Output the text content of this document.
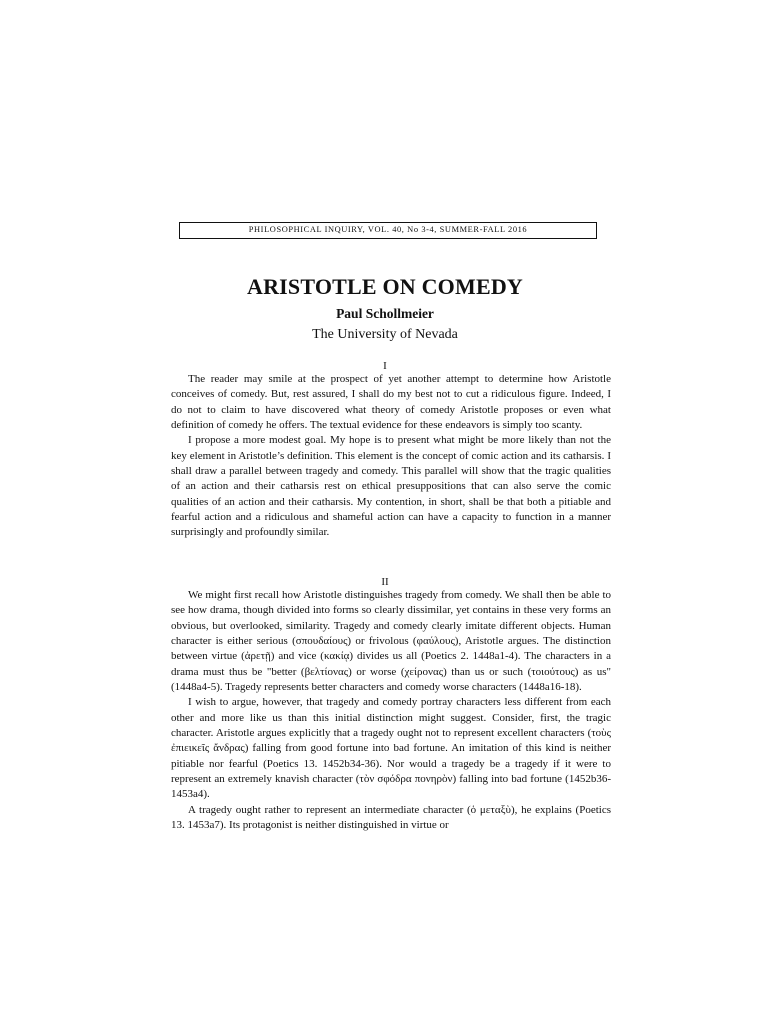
PHILOSOPHICAL INQUIRY, VOL. 40, No 3-4, SUMMER-FALL 2016
ARISTOTLE ON COMEDY
Paul Schollmeier
The University of Nevada
I

The reader may smile at the prospect of yet another attempt to determine how Aristotle conceives of comedy. But, rest assured, I shall do my best not to cut a ridiculous figure. Indeed, I do not to claim to have discovered what theory of comedy Aristotle proposes or even what definition of comedy he offers. The textual evidence for these endeavors is simply too scanty.

I propose a more modest goal. My hope is to present what might be more likely than not the key element in Aristotle’s definition. This element is the concept of comic action and its catharsis. I shall draw a parallel between tragedy and comedy. This parallel will show that the tragic qualities of an action and their catharsis rest on ethical presuppositions that can also serve the comic qualities of an action and their catharsis. My contention, in short, shall be that both a pitiable and fearful action and a ridiculous and shameful action can have a capacity to function in a manner surprisingly and profoundly similar.

II

We might first recall how Aristotle distinguishes tragedy from comedy. We shall then be able to see how drama, though divided into forms so clearly dissimilar, yet contains in these very forms an obvious, but overlooked, similarity. Tragedy and comedy clearly imitate different objects. Human character is either serious (σπουδαίους) or frivolous (φαύλους), Aristotle argues. The distinction between virtue (ἀρετῇ) and vice (κακίᾳ) divides us all (Poetics 2. 1448a1-4). The characters in a drama must thus be "better (βελτίονας) or worse (χείρονας) than us or such (τοιούτους) as us" (1448a4-5). Tragedy represents better characters and comedy worse characters (1448a16-18).

I wish to argue, however, that tragedy and comedy portray characters less different from each other and more like us than this initial distinction might suggest. Consider, first, the tragic character. Aristotle argues explicitly that a tragedy ought not to represent excellent characters (τοὺς ἐπιεικεῖς ἄνδρας) falling from good fortune into bad fortune. An imitation of this kind is neither pitiable nor fearful (Poetics 13. 1452b34-36). Nor would a tragedy be a tragedy if it were to represent an extremely knavish character (τὸν σφόδρα πονηρὸν) falling into bad fortune (1452b36-1453a4).

A tragedy ought rather to represent an intermediate character (ὁ μεταξὺ), he explains (Poetics 13. 1453a7). Its protagonist is neither distinguished in virtue or
